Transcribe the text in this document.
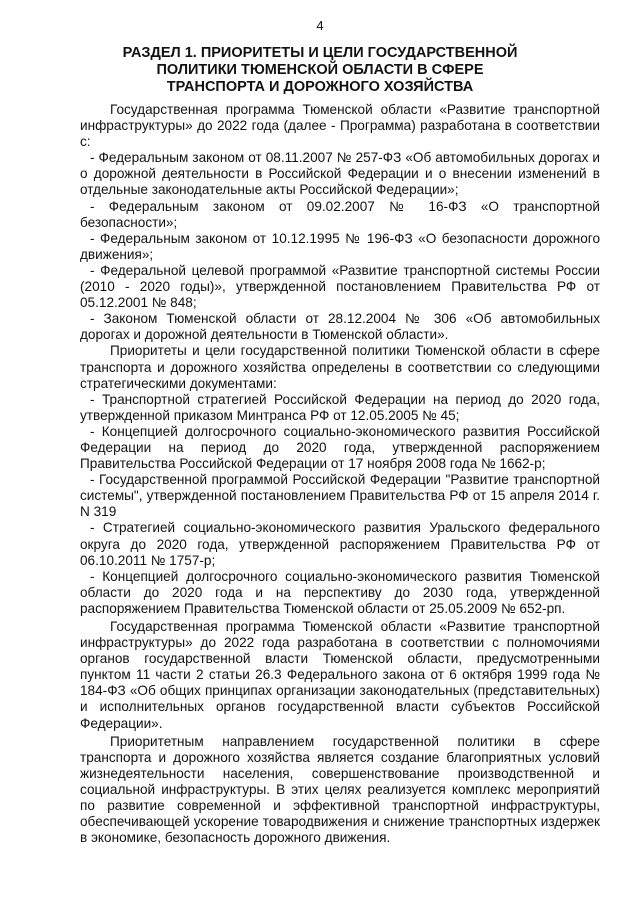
4
РАЗДЕЛ 1. ПРИОРИТЕТЫ И ЦЕЛИ ГОСУДАРСТВЕННОЙ ПОЛИТИКИ ТЮМЕНСКОЙ ОБЛАСТИ В СФЕРЕ ТРАНСПОРТА И ДОРОЖНОГО ХОЗЯЙСТВА

Государственная программа Тюменской области «Развитие транспортной инфраструктуры» до 2022 года (далее - Программа) разработана в соответствии с:

- Федеральным законом от 08.11.2007 № 257-ФЗ «Об автомобильных дорогах и о дорожной деятельности в Российской Федерации и о внесении изменений в отдельные законодательные акты Российской Федерации»;

- Федеральным законом от 09.02.2007 № 16-ФЗ «О транспортной безопасности»;

- Федеральным законом от 10.12.1995 № 196-ФЗ «О безопасности дорожного движения»;

- Федеральной целевой программой «Развитие транспортной системы России (2010 - 2020 годы)», утвержденной постановлением Правительства РФ от 05.12.2001 № 848;

- Законом Тюменской области от 28.12.2004 № 306 «Об автомобильных дорогах и дорожной деятельности в Тюменской области».

Приоритеты и цели государственной политики Тюменской области в сфере транспорта и дорожного хозяйства определены в соответствии со следующими стратегическими документами:

- Транспортной стратегией Российской Федерации на период до 2020 года, утвержденной приказом Минтранса РФ от 12.05.2005 № 45;

- Концепцией долгосрочного социально-экономического развития Российской Федерации на период до 2020 года, утвержденной распоряжением Правительства Российской Федерации от 17 ноября 2008 года № 1662-р;

- Государственной программой Российской Федерации "Развитие транспортной системы", утвержденной постановлением Правительства РФ от 15 апреля 2014 г. N 319

- Стратегией социально-экономического развития Уральского федерального округа до 2020 года, утвержденной распоряжением Правительства РФ от 06.10.2011 № 1757-р;

- Концепцией долгосрочного социально-экономического развития Тюменской области до 2020 года и на перспективу до 2030 года, утвержденной распоряжением Правительства Тюменской области от 25.05.2009 № 652-рп.

Государственная программа Тюменской области «Развитие транспортной инфраструктуры» до 2022 года разработана в соответствии с полномочиями органов государственной власти Тюменской области, предусмотренными пунктом 11 части 2 статьи 26.3 Федерального закона от 6 октября 1999 года № 184-ФЗ «Об общих принципах организации законодательных (представительных) и исполнительных органов государственной власти субъектов Российской Федерации».

Приоритетным направлением государственной политики в сфере транспорта и дорожного хозяйства является создание благоприятных условий жизнедеятельности населения, совершенствование производственной и социальной инфраструктуры. В этих целях реализуется комплекс мероприятий по развитие современной и эффективной транспортной инфраструктуры, обеспечивающей ускорение товародвижения и снижение транспортных издержек в экономике, безопасность дорожного движения.
